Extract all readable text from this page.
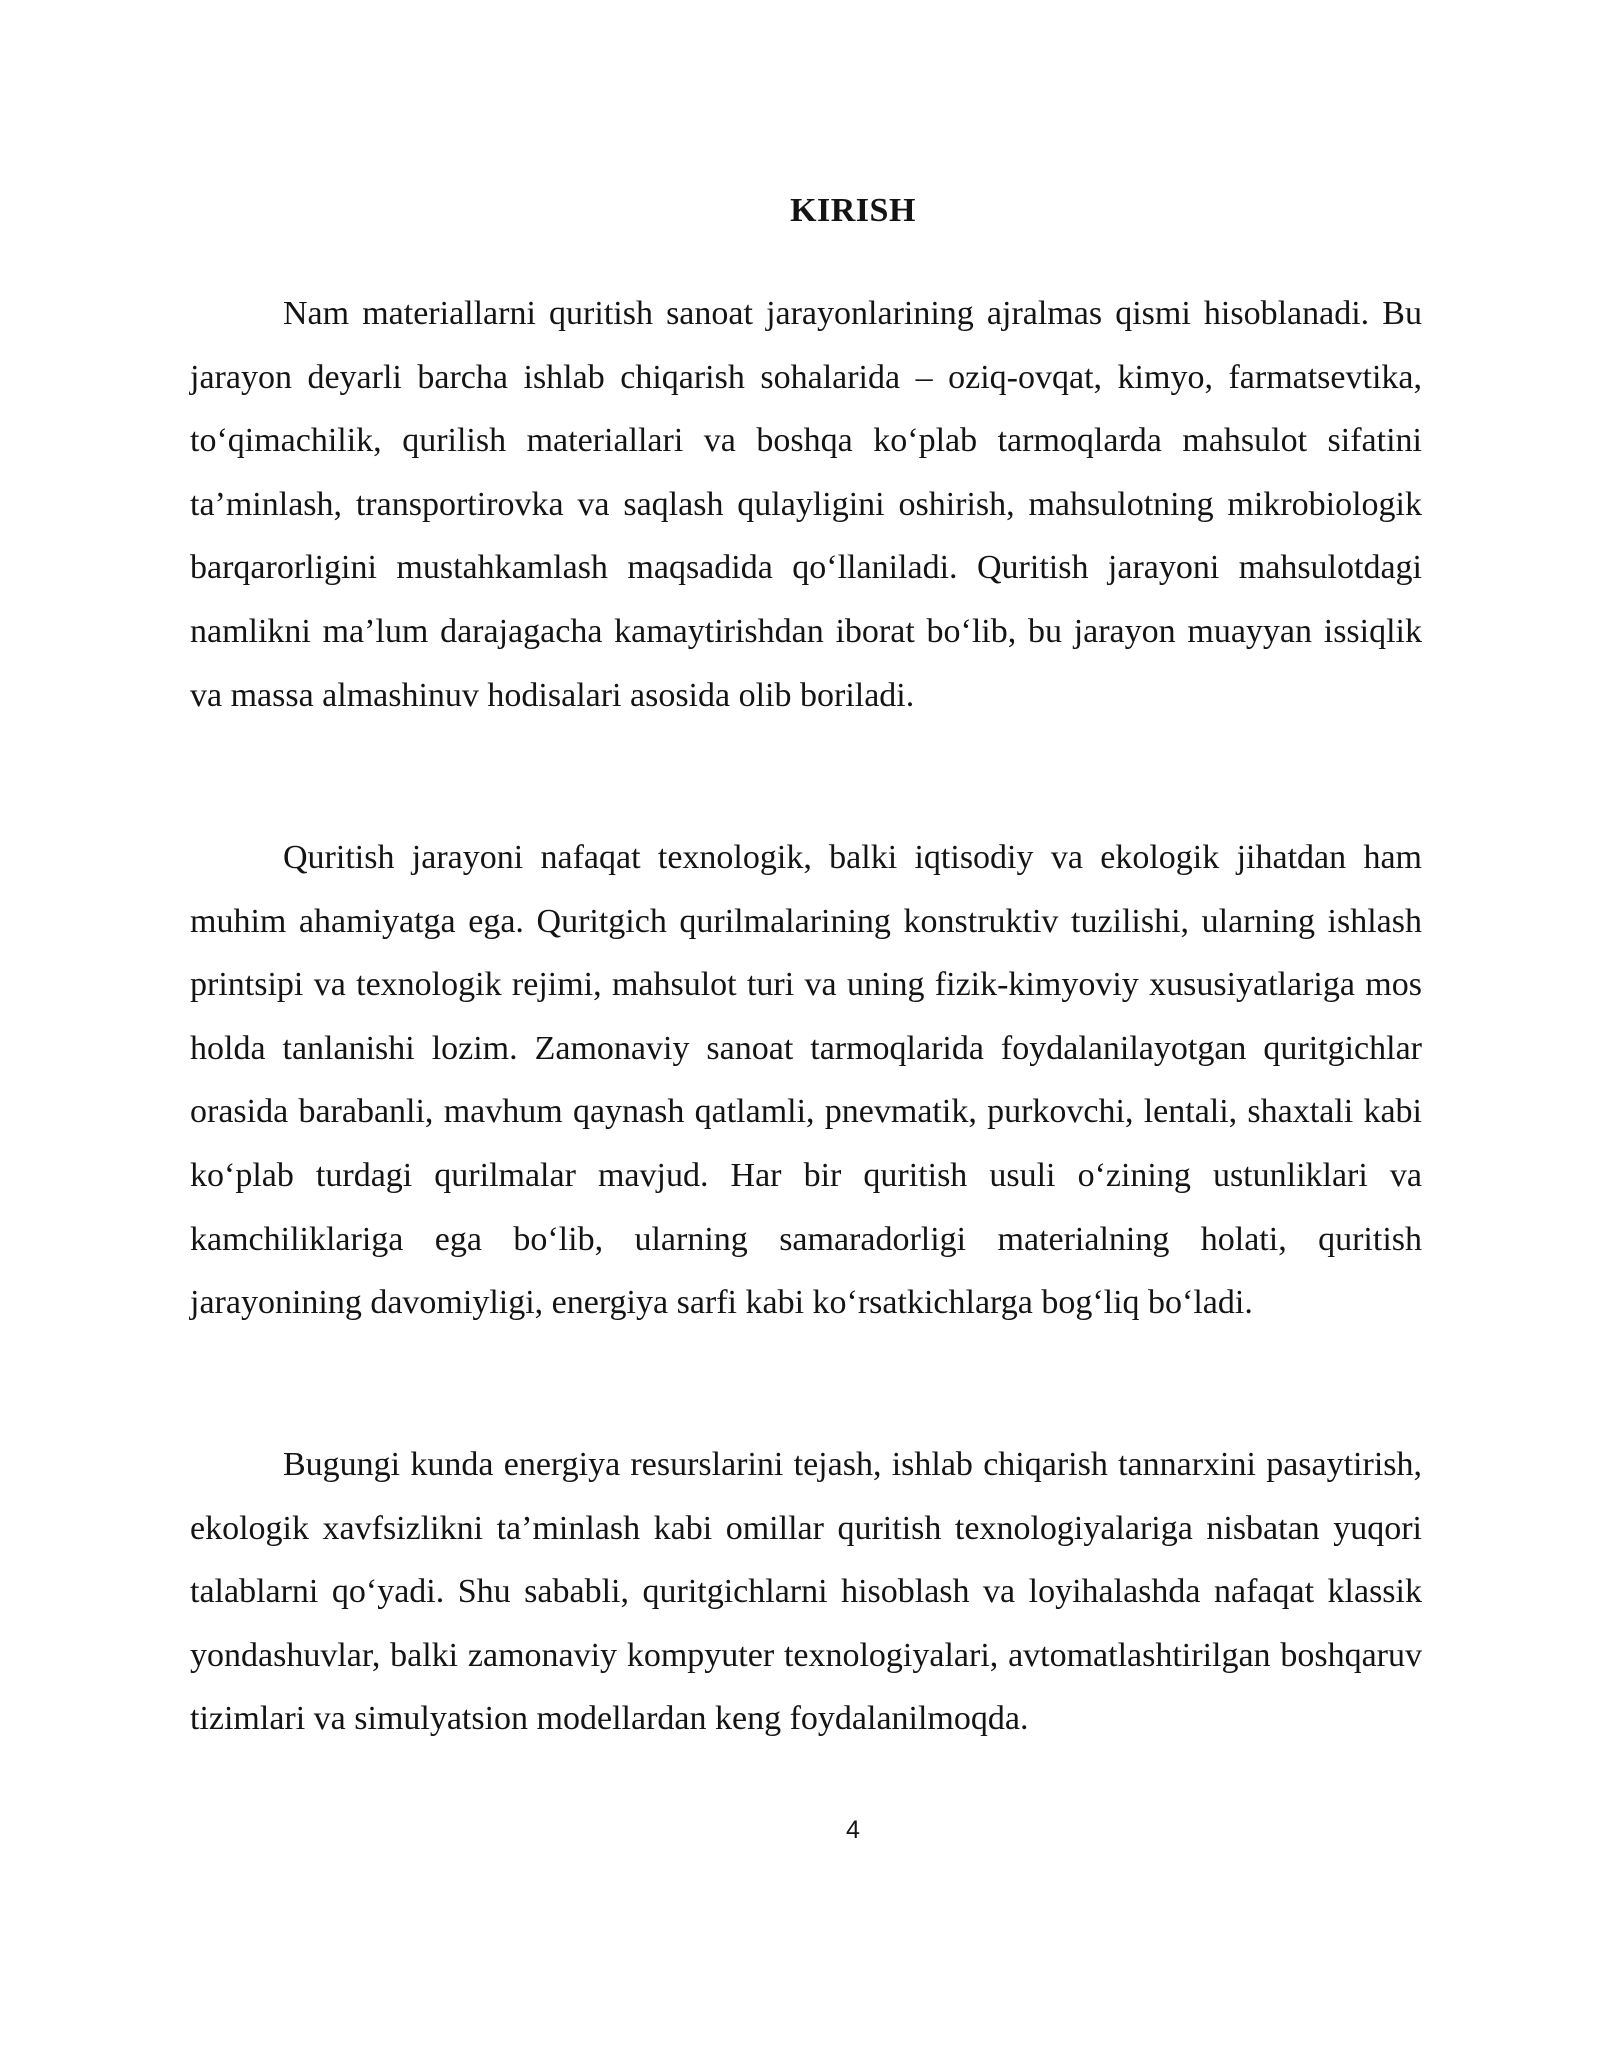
KIRISH

Nam materiallarni quritish sanoat jarayonlarining ajralmas qismi hisoblanadi. Bu jarayon deyarli barcha ishlab chiqarish sohalarida – oziq-ovqat, kimyo, farmatsevtika, to‘qimachilik, qurilish materiallari va boshqa ko‘plab tarmoqlarda mahsulot sifatini ta’minlash, transportirovka va saqlash qulayligini oshirish, mahsulotning mikrobiologik barqarorligini mustahkamlash maqsadida qo‘llaniladi. Quritish jarayoni mahsulotdagi namlikni ma’lum darajagacha kamaytirishdan iborat bo‘lib, bu jarayon muayyan issiqlik va massa almashinuv hodisalari asosida olib boriladi.

Quritish jarayoni nafaqat texnologik, balki iqtisodiy va ekologik jihatdan ham muhim ahamiyatga ega. Quritgich qurilmalarining konstruktiv tuzilishi, ularning ishlash printsipi va texnologik rejimi, mahsulot turi va uning fizik-kimyoviy xususiyatlariga mos holda tanlanishi lozim. Zamonaviy sanoat tarmoqlarida foydalanilayotgan quritgichlar orasida barabanli, mavhum qaynash qatlamli, pnevmatik, purkovchi, lentali, shaxtali kabi ko‘plab turdagi qurilmalar mavjud. Har bir quritish usuli o‘zining ustunliklari va kamchiliklariga ega bo‘lib, ularning samaradorligi materialning holati, quritish jarayonining davomiyligi, energiya sarfi kabi ko‘rsatkichlarga bog‘liq bo‘ladi.

Bugungi kunda energiya resurslarini tejash, ishlab chiqarish tannarxini pasaytirish, ekologik xavfsizlikni ta’minlash kabi omillar quritish texnologiyalariga nisbatan yuqori talablarni qo‘yadi. Shu sababli, quritgichlarni hisoblash va loyihalashda nafaqat klassik yondashuvlar, balki zamonaviy kompyuter texnologiyalari, avtomatlashtirilgan boshqaruv tizimlari va simulyatsion modellardan keng foydalanilmoqda.

4
